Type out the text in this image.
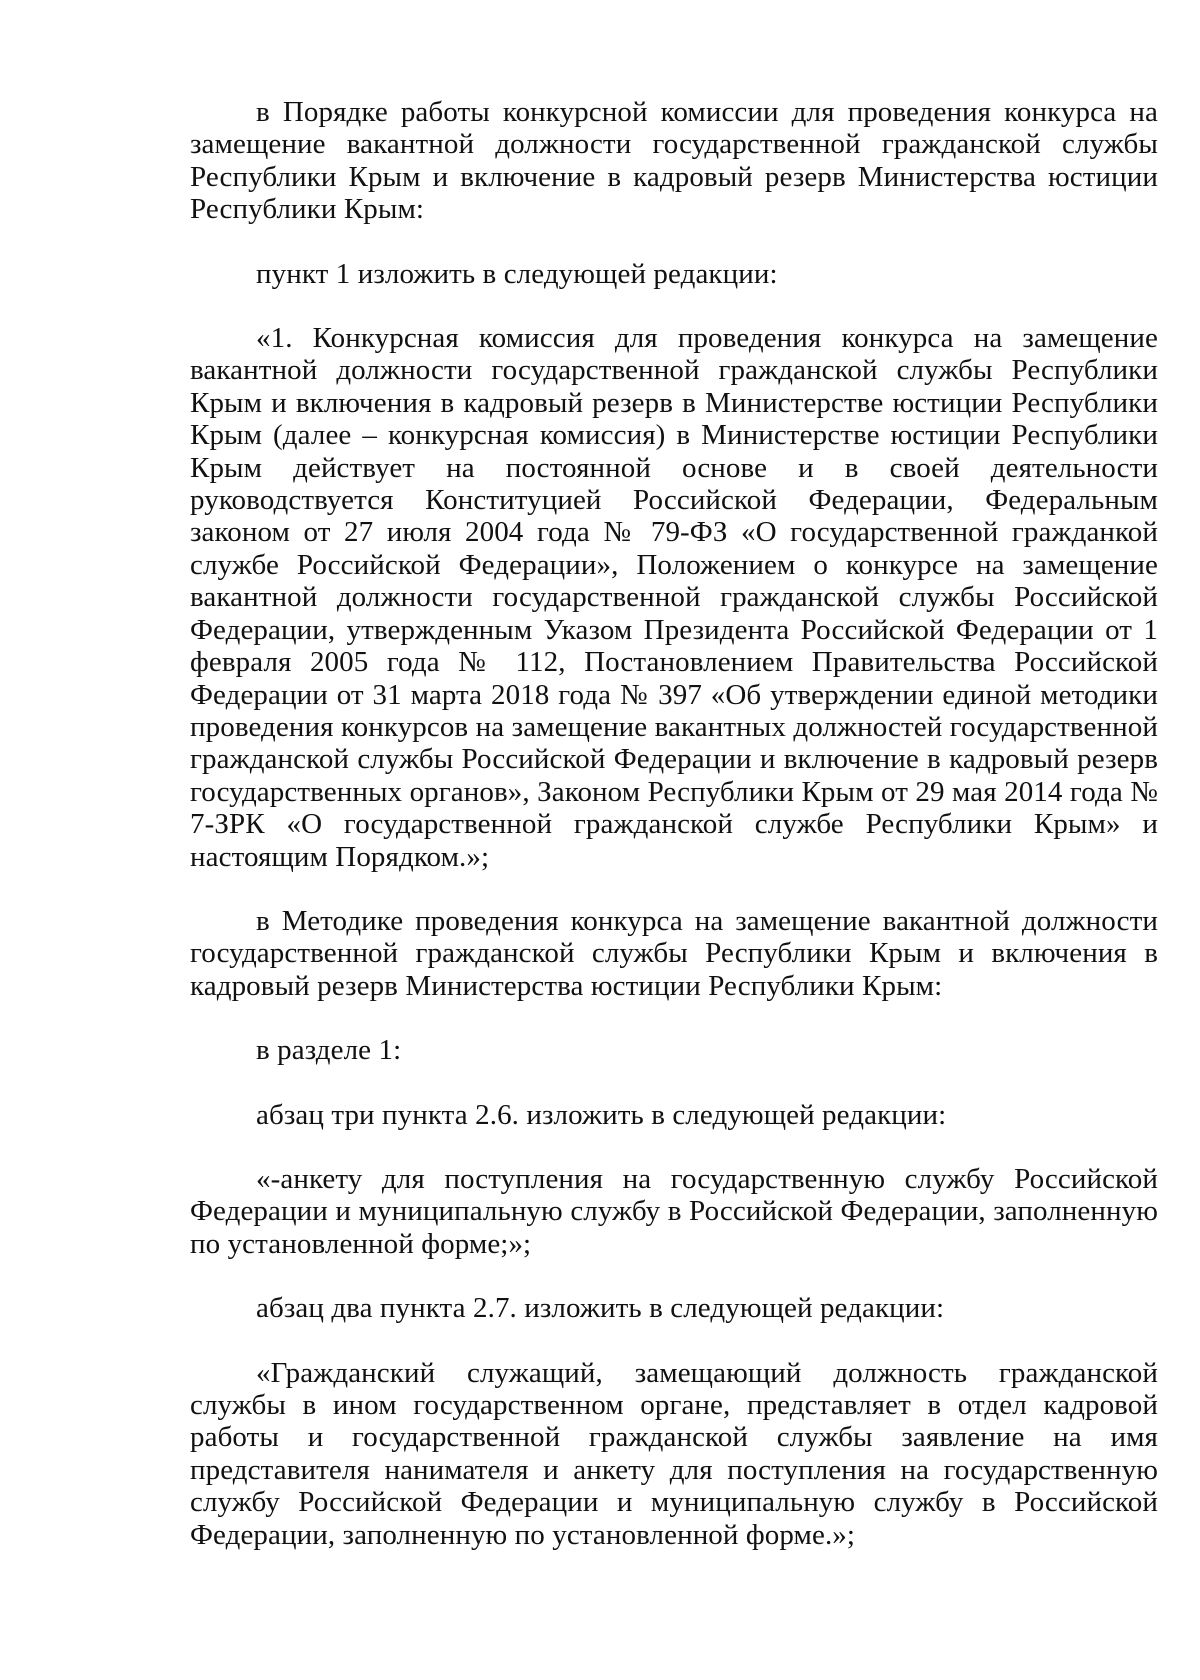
в Порядке работы конкурсной комиссии для проведения конкурса на замещение вакантной должности государственной гражданской службы Республики Крым и включение в кадровый резерв Министерства юстиции Республики Крым:

пункт 1 изложить в следующей редакции:

«1. Конкурсная комиссия для проведения конкурса на замещение вакантной должности государственной гражданской службы Республики Крым и включения в кадровый резерв в Министерстве юстиции Республики Крым (далее – конкурсная комиссия) в Министерстве юстиции Республики Крым действует на постоянной основе и в своей деятельности руководствуется Конституцией Российской Федерации, Федеральным законом от 27 июля 2004 года № 79-ФЗ «О государственной гражданкой службе Российской Федерации», Положением о конкурсе на замещение вакантной должности государственной гражданской службы Российской Федерации, утвержденным Указом Президента Российской Федерации от 1 февраля 2005 года № 112, Постановлением Правительства Российской Федерации от 31 марта 2018 года № 397 «Об утверждении единой методики проведения конкурсов на замещение вакантных должностей государственной гражданской службы Российской Федерации и включение в кадровый резерв государственных органов», Законом Республики Крым от 29 мая 2014 года № 7-ЗРК «О государственной гражданской службе Республики Крым» и настоящим Порядком.»;

в Методике проведения конкурса на замещение вакантной должности государственной гражданской службы Республики Крым и включения в кадровый резерв Министерства юстиции Республики Крым:

в разделе 1:

абзац три пункта 2.6. изложить в следующей редакции:

«-анкету для поступления на государственную службу Российской Федерации и муниципальную службу в Российской Федерации, заполненную по установленной форме;»;

абзац два пункта 2.7. изложить в следующей редакции:

«Гражданский служащий, замещающий должность гражданской службы в ином государственном органе, представляет в отдел кадровой работы и государственной гражданской службы заявление на имя представителя нанимателя и анкету для поступления на государственную службу Российской Федерации и муниципальную службу в Российской Федерации, заполненную по установленной форме.»;
